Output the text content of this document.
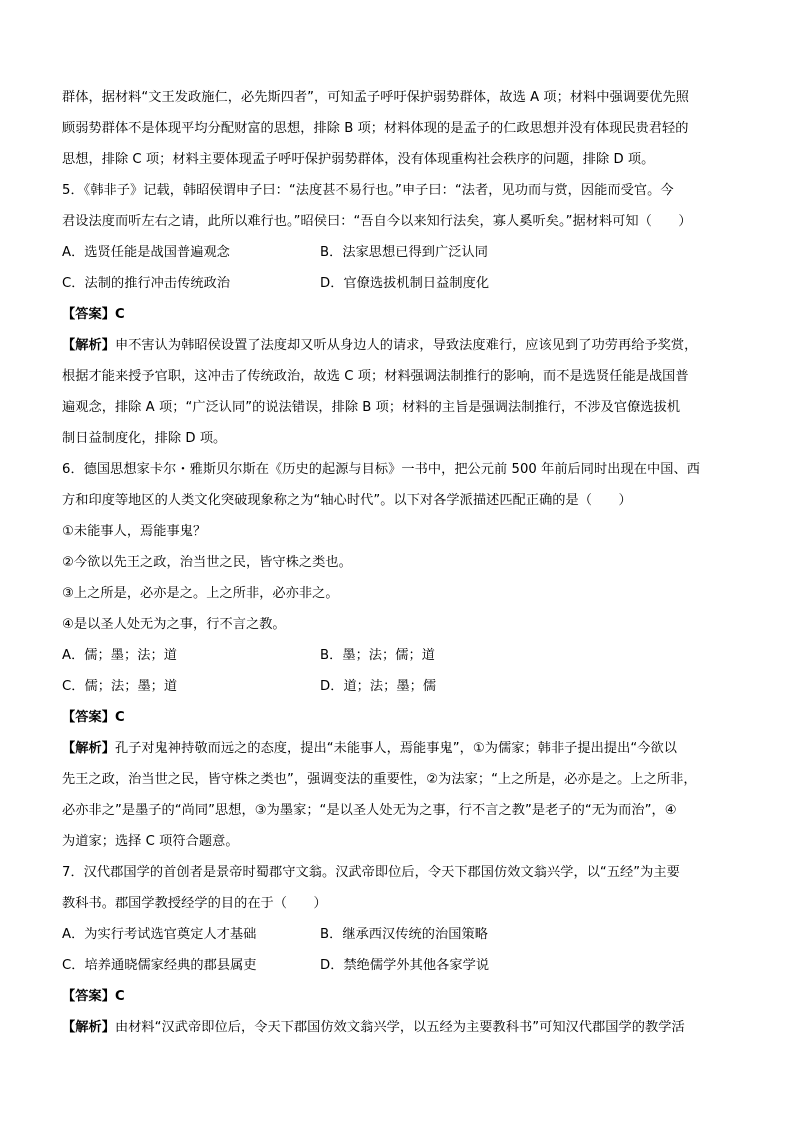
群体，据材料“文王发政施仁，必先斯四者”，可知孟子呼吁保护弱势群体，故选 A 项；材料中强调要优先照
顾弱势群体不是体现平均分配财富的思想，排除 B 项；材料体现的是孟子的仁政思想并没有体现民贵君轻的
思想，排除 C 项；材料主要体现孟子呼吁保护弱势群体，没有体现重构社会秩序的问题，排除 D 项。
5．《韩非子》记载，韩昭侯谓申子曰：“法度甚不易行也。”申子曰：“法者，见功而与赏，因能而受官。今
君设法度而听左右之请，此所以难行也。”昭侯曰：“吾自今以来知行法矣，寡人奚听矣。”据材料可知（　　）
A．选贤任能是战国普遍观念	B．法家思想已得到广泛认同
C．法制的推行冲击传统政治	D．官僚选拔机制日益制度化
【答案】C
【解析】申不害认为韩昭侯设置了法度却又听从身边人的请求，导致法度难行，应该见到了功劳再给予奖赏，
根据才能来授予官职，这冲击了传统政治，故选 C 项；材料强调法制推行的影响，而不是选贤任能是战国普
遍观念，排除 A 项；“广泛认同”的说法错误，排除 B 项；材料的主旨是强调法制推行，不涉及官僚选拔机
制日益制度化，排除 D 项。
6．德国思想家卡尔・雅斯贝尔斯在《历史的起源与目标》一书中，把公元前 500 年前后同时出现在中国、西
方和印度等地区的人类文化突破现象称之为“轴心时代”。以下对各学派描述匹配正确的是（　　）
①未能事人，焉能事鬼？
②今欲以先王之政，治当世之民，皆守株之类也。
③上之所是，必亦是之。上之所非，必亦非之。
④是以圣人处无为之事，行不言之教。
A．儒；墨；法；道	B．墨；法；儒；道
C．儒；法；墨；道	D．道；法；墨；儒
【答案】C
【解析】孔子对鬼神持敬而远之的态度，提出“未能事人，焉能事鬼”，①为儒家；韩非子提出提出“今欲以
先王之政，治当世之民，皆守株之类也”，强调变法的重要性，②为法家；“上之所是，必亦是之。上之所非，
必亦非之”是墨子的“尚同”思想，③为墨家；“是以圣人处无为之事，行不言之教”是老子的“无为而治”，④
为道家；选择 C 项符合题意。
7．汉代郡国学的首创者是景帝时蜀郡守文翁。汉武帝即位后，令天下郡国仿效文翁兴学，以“五经”为主要
教科书。郡国学教授经学的目的在于（　　）
A．为实行考试选官奠定人才基础	B．继承西汉传统的治国策略
C．培养通晓儒家经典的郡县属吏	D．禁绝儒学外其他各家学说
【答案】C
【解析】由材料“汉武帝即位后，令天下郡国仿效文翁兴学，以五经为主要教科书”可知汉代郡国学的教学活
